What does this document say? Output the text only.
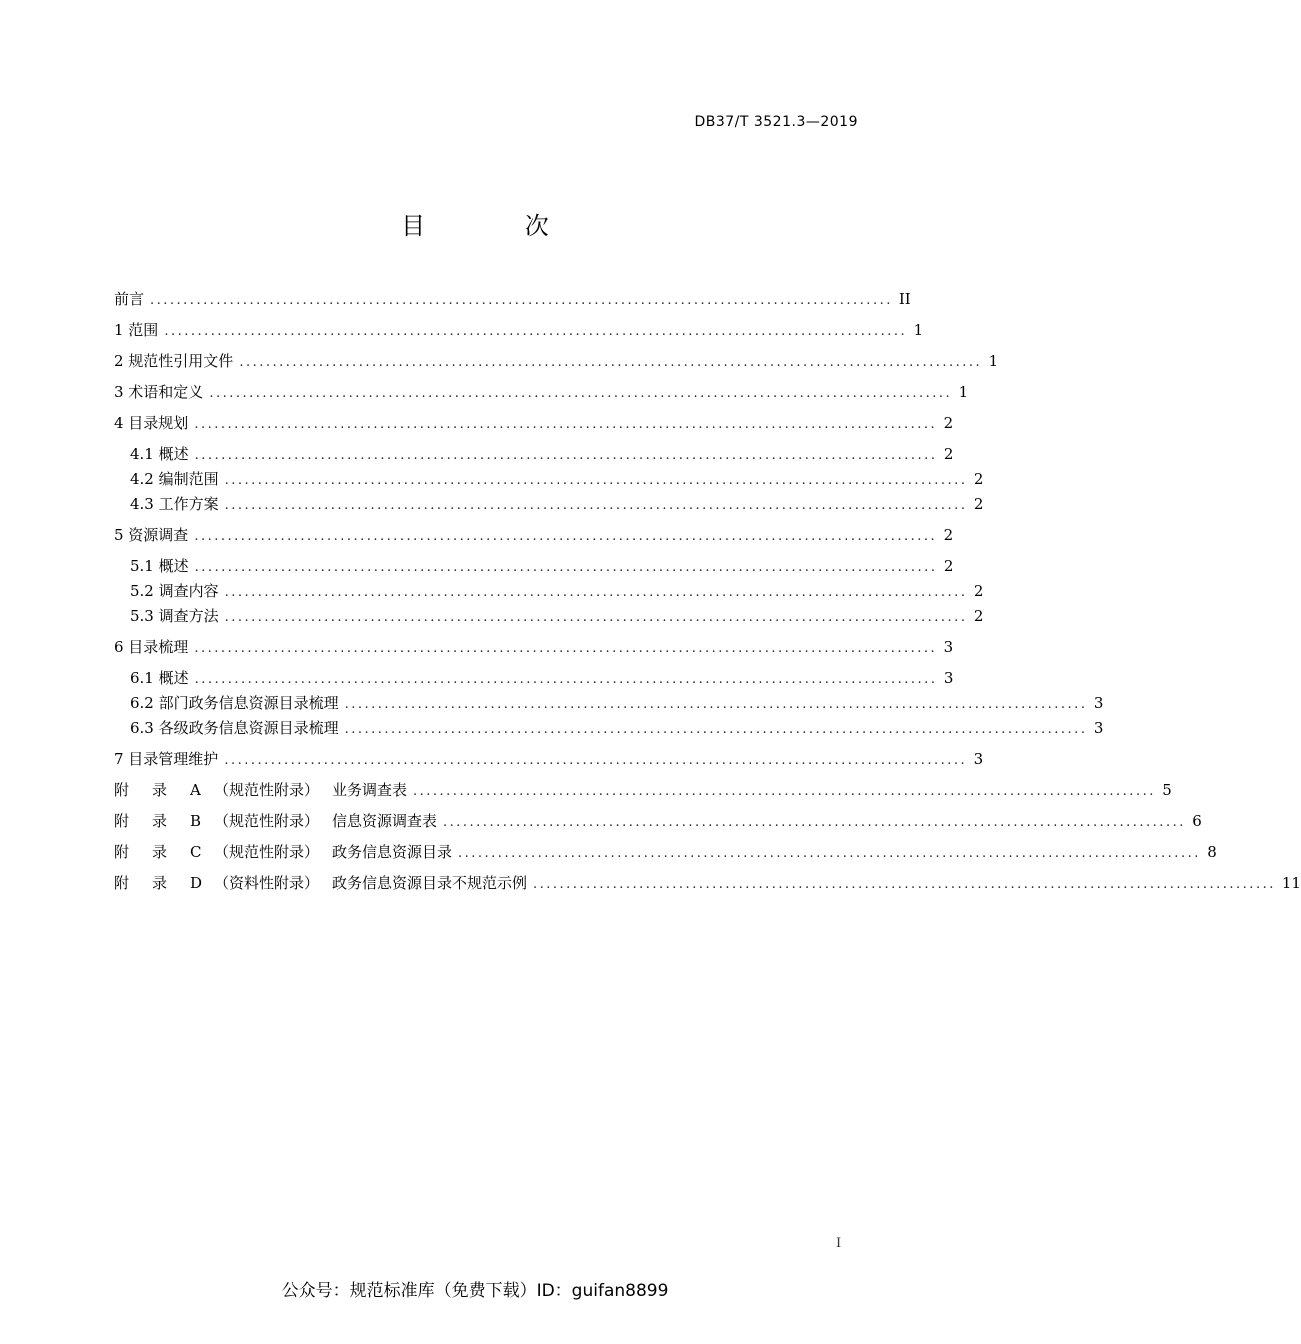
DB37/T 3521.3—2019
目 次
前言 ................................................................................................................ II
1 范围 ................................................................................................................ 1
2 规范性引用文件 ................................................................................................................ 1
3 术语和定义 ................................................................................................................ 1
4 目录规划 ................................................................................................................ 2
4.1 概述 ................................................................................................................ 2
4.2 编制范围 ................................................................................................................ 2
4.3 工作方案 ................................................................................................................ 2
5 资源调查 ................................................................................................................ 2
5.1 概述 ................................................................................................................ 2
5.2 调查内容 ................................................................................................................ 2
5.3 调查方法 ................................................................................................................ 2
6 目录梳理 ................................................................................................................ 3
6.1 概述 ................................................................................................................ 3
6.2 部门政务信息资源目录梳理 ................................................................................................................ 3
6.3 各级政务信息资源目录梳理 ................................................................................................................ 3
7 目录管理维护 ................................................................................................................ 3
附 录 A （规范性附录） 业务调查表 ................................................................................................................ 5
附 录 B （规范性附录） 信息资源调查表 ................................................................................................................ 6
附 录 C （规范性附录） 政务信息资源目录 ................................................................................................................ 8
附 录 D （资料性附录） 政务信息资源目录不规范示例 ................................................................................................................ 11
I
公众号：规范标准库（免费下载）ID：guifan8899
